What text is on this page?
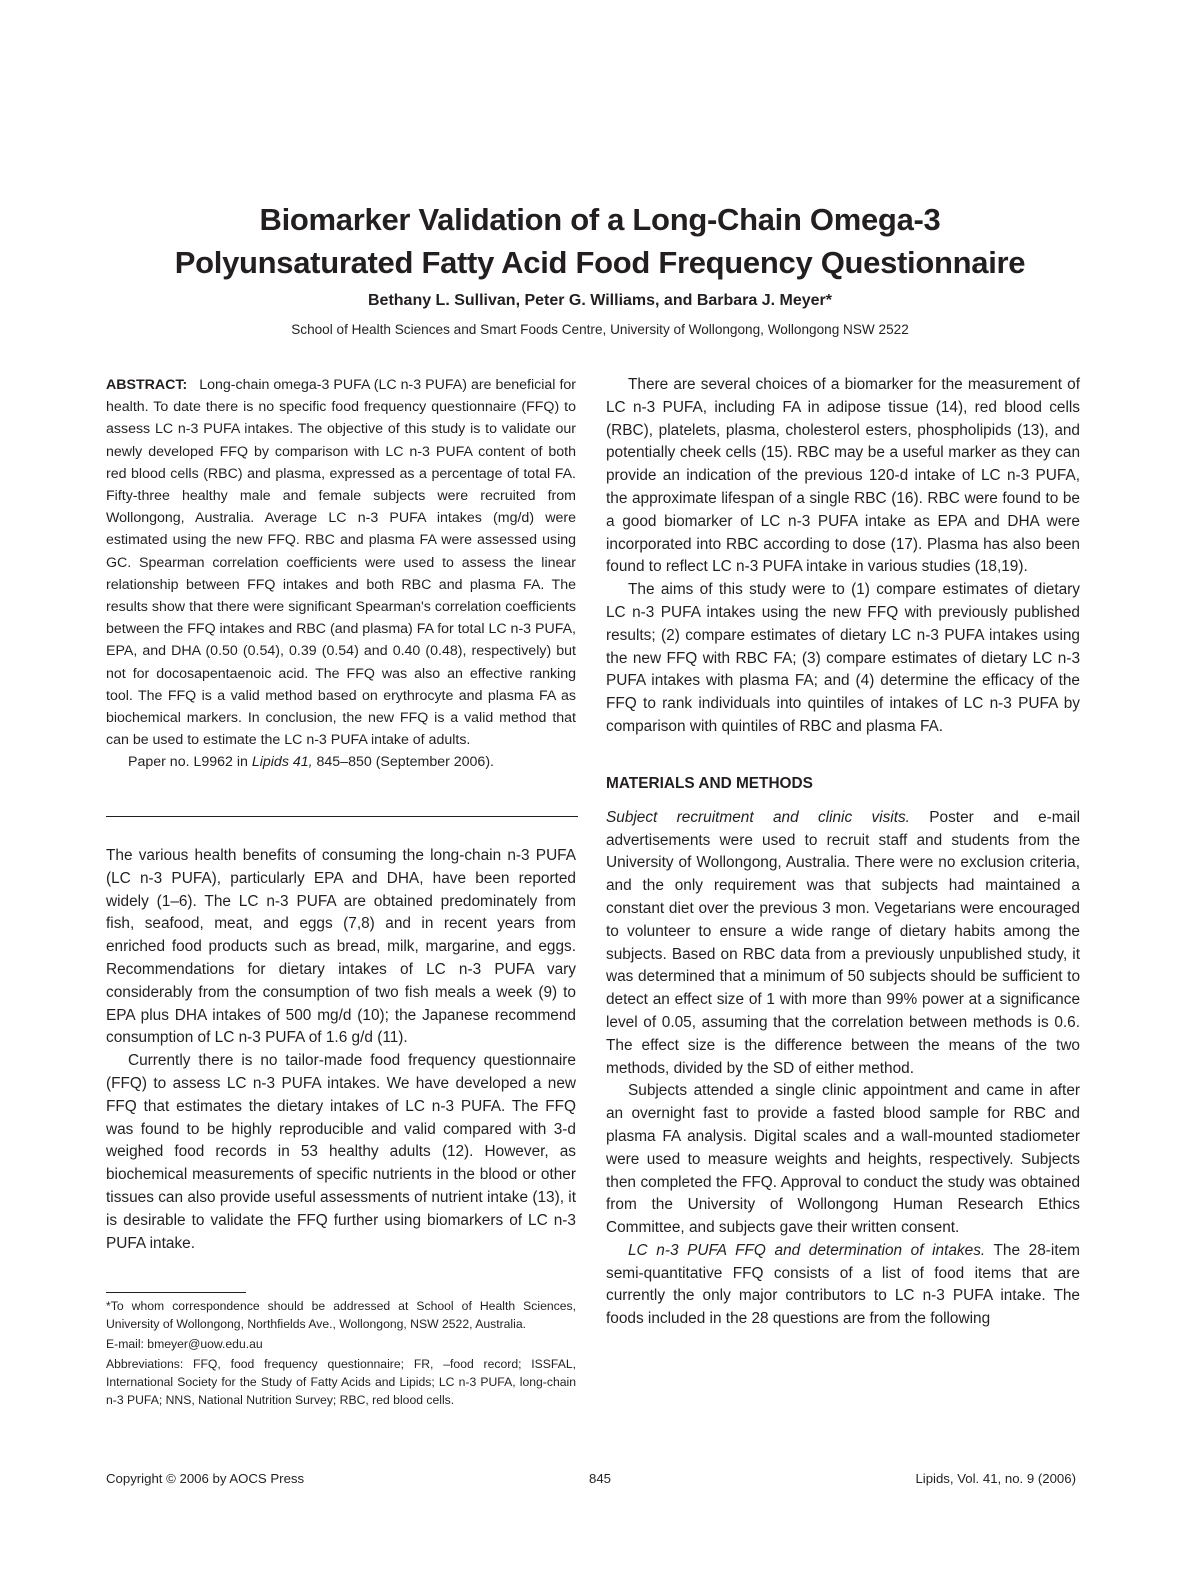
Biomarker Validation of a Long-Chain Omega-3
Polyunsaturated Fatty Acid Food Frequency Questionnaire
Bethany L. Sullivan, Peter G. Williams, and Barbara J. Meyer*
School of Health Sciences and Smart Foods Centre, University of Wollongong, Wollongong NSW 2522

ABSTRACT: Long-chain omega-3 PUFA (LC n-3 PUFA) are beneficial for health. To date there is no specific food frequency questionnaire (FFQ) to assess LC n-3 PUFA intakes. The objective of this study is to validate our newly developed FFQ by comparison with LC n-3 PUFA content of both red blood cells (RBC) and plasma, expressed as a percentage of total FA. Fifty-three healthy male and female subjects were recruited from Wollongong, Australia. Average LC n-3 PUFA intakes (mg/d) were estimated using the new FFQ. RBC and plasma FA were assessed using GC. Spearman correlation coefficients were used to assess the linear relationship between FFQ intakes and both RBC and plasma FA. The results show that there were significant Spearman's correlation coefficients between the FFQ intakes and RBC (and plasma) FA for total LC n-3 PUFA, EPA, and DHA (0.50 (0.54), 0.39 (0.54) and 0.40 (0.48), respectively) but not for docosapentaenoic acid. The FFQ was also an effective ranking tool. The FFQ is a valid method based on erythrocyte and plasma FA as biochemical markers. In conclusion, the new FFQ is a valid method that can be used to estimate the LC n-3 PUFA intake of adults.

Paper no. L9962 in Lipids 41, 845–850 (September 2006).

The various health benefits of consuming the long-chain n-3 PUFA (LC n-3 PUFA), particularly EPA and DHA, have been reported widely (1–6). The LC n-3 PUFA are obtained predominately from fish, seafood, meat, and eggs (7,8) and in recent years from enriched food products such as bread, milk, margarine, and eggs. Recommendations for dietary intakes of LC n-3 PUFA vary considerably from the consumption of two fish meals a week (9) to EPA plus DHA intakes of 500 mg/d (10); the Japanese recommend consumption of LC n-3 PUFA of 1.6 g/d (11).

Currently there is no tailor-made food frequency questionnaire (FFQ) to assess LC n-3 PUFA intakes. We have developed a new FFQ that estimates the dietary intakes of LC n-3 PUFA. The FFQ was found to be highly reproducible and valid compared with 3-d weighed food records in 53 healthy adults (12). However, as biochemical measurements of specific nutrients in the blood or other tissues can also provide useful assessments of nutrient intake (13), it is desirable to validate the FFQ further using biomarkers of LC n-3 PUFA intake.

*To whom correspondence should be addressed at School of Health Sciences, University of Wollongong, Northfields Ave., Wollongong, NSW 2522, Australia.

E-mail: bmeyer@uow.edu.au

Abbreviations: FFQ, food frequency questionnaire; FR, –food record; ISSFAL, International Society for the Study of Fatty Acids and Lipids; LC n-3 PUFA, long-chain n-3 PUFA; NNS, National Nutrition Survey; RBC, red blood cells.

There are several choices of a biomarker for the measurement of LC n-3 PUFA, including FA in adipose tissue (14), red blood cells (RBC), platelets, plasma, cholesterol esters, phospholipids (13), and potentially cheek cells (15). RBC may be a useful marker as they can provide an indication of the previous 120-d intake of LC n-3 PUFA, the approximate lifespan of a single RBC (16). RBC were found to be a good biomarker of LC n-3 PUFA intake as EPA and DHA were incorporated into RBC according to dose (17). Plasma has also been found to reflect LC n-3 PUFA intake in various studies (18,19).

The aims of this study were to (1) compare estimates of dietary LC n-3 PUFA intakes using the new FFQ with previously published results; (2) compare estimates of dietary LC n-3 PUFA intakes using the new FFQ with RBC FA; (3) compare estimates of dietary LC n-3 PUFA intakes with plasma FA; and (4) determine the efficacy of the FFQ to rank individuals into quintiles of intakes of LC n-3 PUFA by comparison with quintiles of RBC and plasma FA.

MATERIALS AND METHODS

Subject recruitment and clinic visits. Poster and e-mail advertisements were used to recruit staff and students from the University of Wollongong, Australia. There were no exclusion criteria, and the only requirement was that subjects had maintained a constant diet over the previous 3 mon. Vegetarians were encouraged to volunteer to ensure a wide range of dietary habits among the subjects. Based on RBC data from a previously unpublished study, it was determined that a minimum of 50 subjects should be sufficient to detect an effect size of 1 with more than 99% power at a significance level of 0.05, assuming that the correlation between methods is 0.6. The effect size is the difference between the means of the two methods, divided by the SD of either method.

Subjects attended a single clinic appointment and came in after an overnight fast to provide a fasted blood sample for RBC and plasma FA analysis. Digital scales and a wall-mounted stadiometer were used to measure weights and heights, respectively. Subjects then completed the FFQ. Approval to conduct the study was obtained from the University of Wollongong Human Research Ethics Committee, and subjects gave their written consent.

LC n-3 PUFA FFQ and determination of intakes. The 28-item semi-quantitative FFQ consists of a list of food items that are currently the only major contributors to LC n-3 PUFA intake. The foods included in the 28 questions are from the following

Copyright © 2006 by AOCS Press	845	Lipids, Vol. 41, no. 9 (2006)
